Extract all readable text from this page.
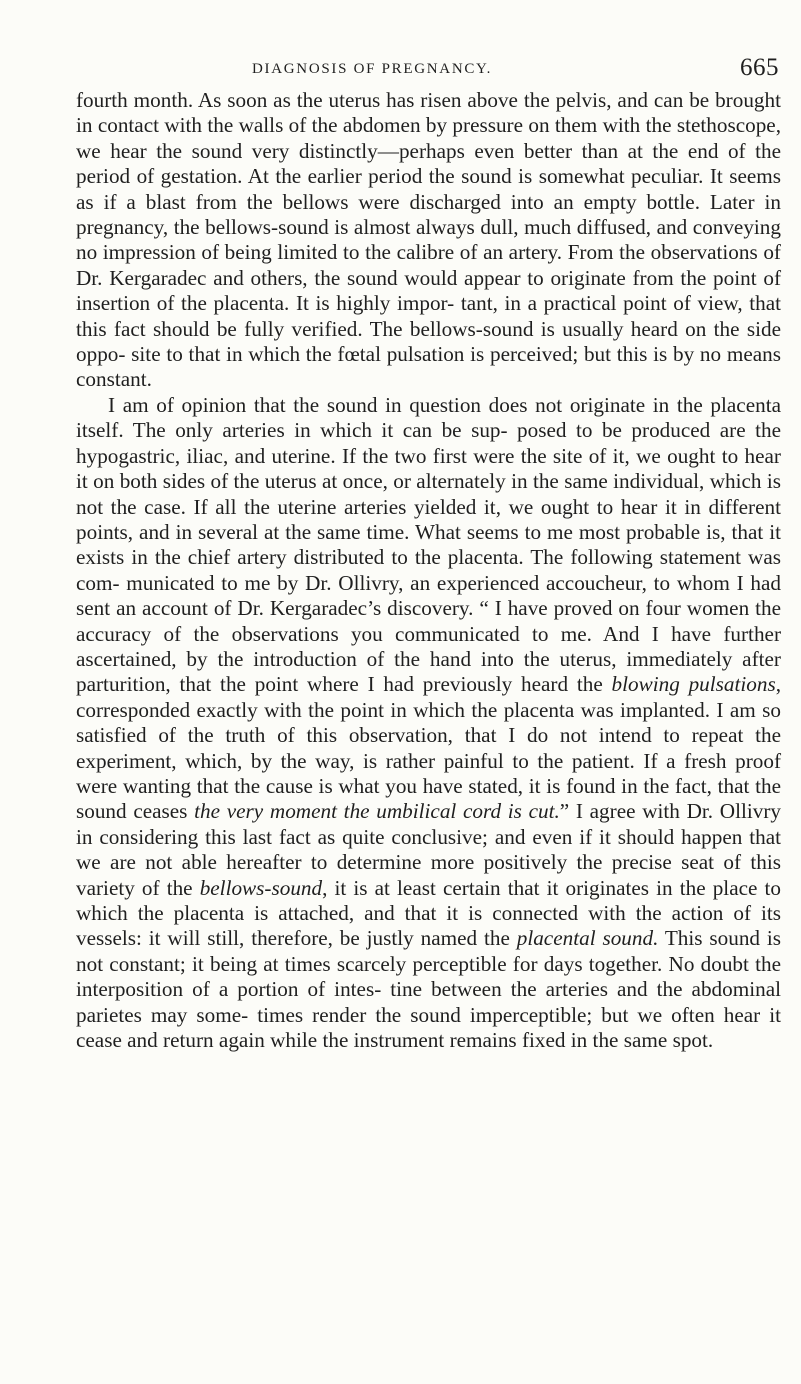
DIAGNOSIS OF PREGNANCY.	665

fourth month. As soon as the uterus has risen above the pelvis, and can be brought in contact with the walls of the abdomen by pressure on them with the stethoscope, we hear the sound very distinctly—perhaps even better than at the end of the period of gestation. At the earlier period the sound is somewhat peculiar. It seems as if a blast from the bellows were discharged into an empty bottle. Later in pregnancy, the bellows-sound is almost always dull, much diffused, and conveying no impression of being limited to the calibre of an artery. From the observations of Dr. Kergaradec and others, the sound would appear to originate from the point of insertion of the placenta. It is highly impor- tant, in a practical point of view, that this fact should be fully verified. The bellows-sound is usually heard on the side oppo- site to that in which the fœtal pulsation is perceived; but this is by no means constant.

I am of opinion that the sound in question does not originate in the placenta itself. The only arteries in which it can be sup- posed to be produced are the hypogastric, iliac, and uterine. If the two first were the site of it, we ought to hear it on both sides of the uterus at once, or alternately in the same individual, which is not the case. If all the uterine arteries yielded it, we ought to hear it in different points, and in several at the same time. What seems to me most probable is, that it exists in the chief artery distributed to the placenta. The following statement was com- municated to me by Dr. Ollivry, an experienced accoucheur, to whom I had sent an account of Dr. Kergaradec’s discovery. “ I have proved on four women the accuracy of the observations you communicated to me. And I have further ascertained, by the introduction of the hand into the uterus, immediately after parturition, that the point where I had previously heard the blowing pulsations, corresponded exactly with the point in which the placenta was implanted. I am so satisfied of the truth of this observation, that I do not intend to repeat the experiment, which, by the way, is rather painful to the patient. If a fresh proof were wanting that the cause is what you have stated, it is found in the fact, that the sound ceases the very moment the umbilical cord is cut.” I agree with Dr. Ollivry in considering this last fact as quite conclusive; and even if it should happen that we are not able hereafter to determine more positively the precise seat of this variety of the bellows-sound, it is at least certain that it originates in the place to which the placenta is attached, and that it is connected with the action of its vessels: it will still, therefore, be justly named the placental sound. This sound is not constant; it being at times scarcely perceptible for days together. No doubt the interposition of a portion of intes- tine between the arteries and the abdominal parietes may some- times render the sound imperceptible; but we often hear it cease and return again while the instrument remains fixed in the same spot.
